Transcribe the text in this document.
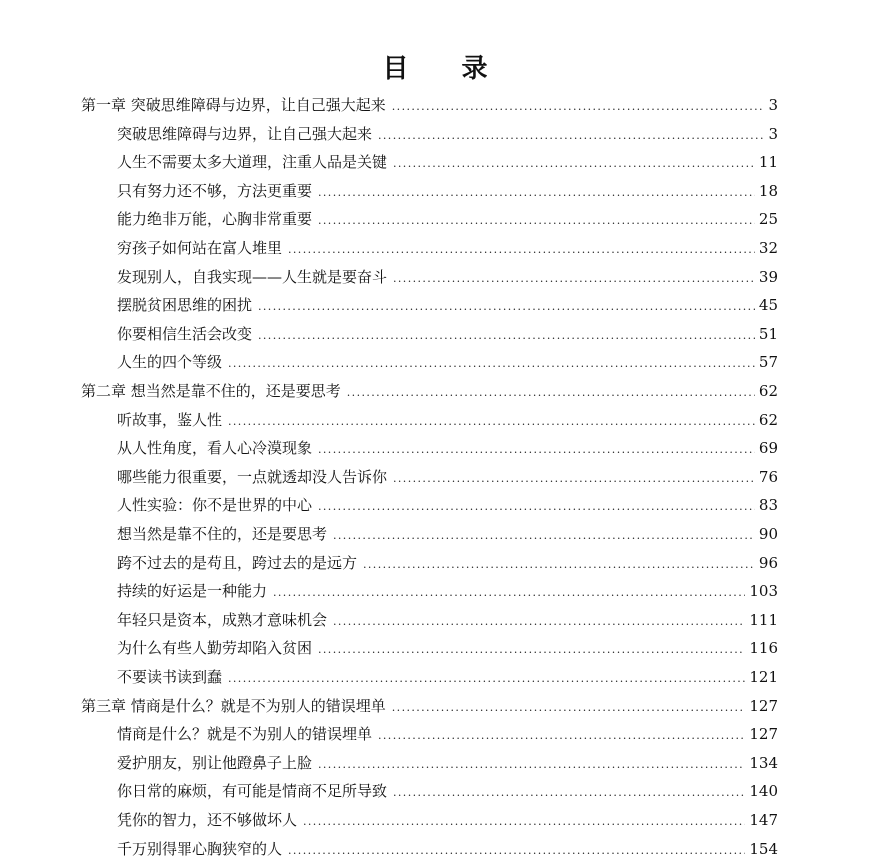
目 录
第一章 突破思维障碍与边界，让自己强大起来 .....	3
突破思维障碍与边界，让自己强大起来 .....	3
人生不需要太多大道理，注重人品是关键 .....	11
只有努力还不够，方法更重要 .....	18
能力绝非万能，心胸非常重要 .....	25
穷孩子如何站在富人堆里 .....	32
发现别人，自我实现——人生就是要奋斗 .....	39
摆脱贫困思维的困扰 .....	45
你要相信生活会改变 .....	51
人生的四个等级 .....	57
第二章 想当然是靠不住的，还是要思考 .....	62
听故事，鉴人性 .....	62
从人性角度，看人心冷漠现象 .....	69
哪些能力很重要，一点就透却没人告诉你 .....	76
人性实验：你不是世界的中心 .....	83
想当然是靠不住的，还是要思考 .....	90
跨不过去的是苟且，跨过去的是远方 .....	96
持续的好运是一种能力 .....	103
年轻只是资本，成熟才意味机会 .....	111
为什么有些人勤劳却陷入贫困 .....	116
不要读书读到蠢 .....	121
第三章 情商是什么？就是不为别人的错误埋单 .....	127
情商是什么？就是不为别人的错误埋单 .....	127
爱护朋友，别让他蹬鼻子上脸 .....	134
你日常的麻烦，有可能是情商不足所导致 .....	140
凭你的智力，还不够做坏人 .....	147
千万别得罪心胸狭窄的人 .....	154
